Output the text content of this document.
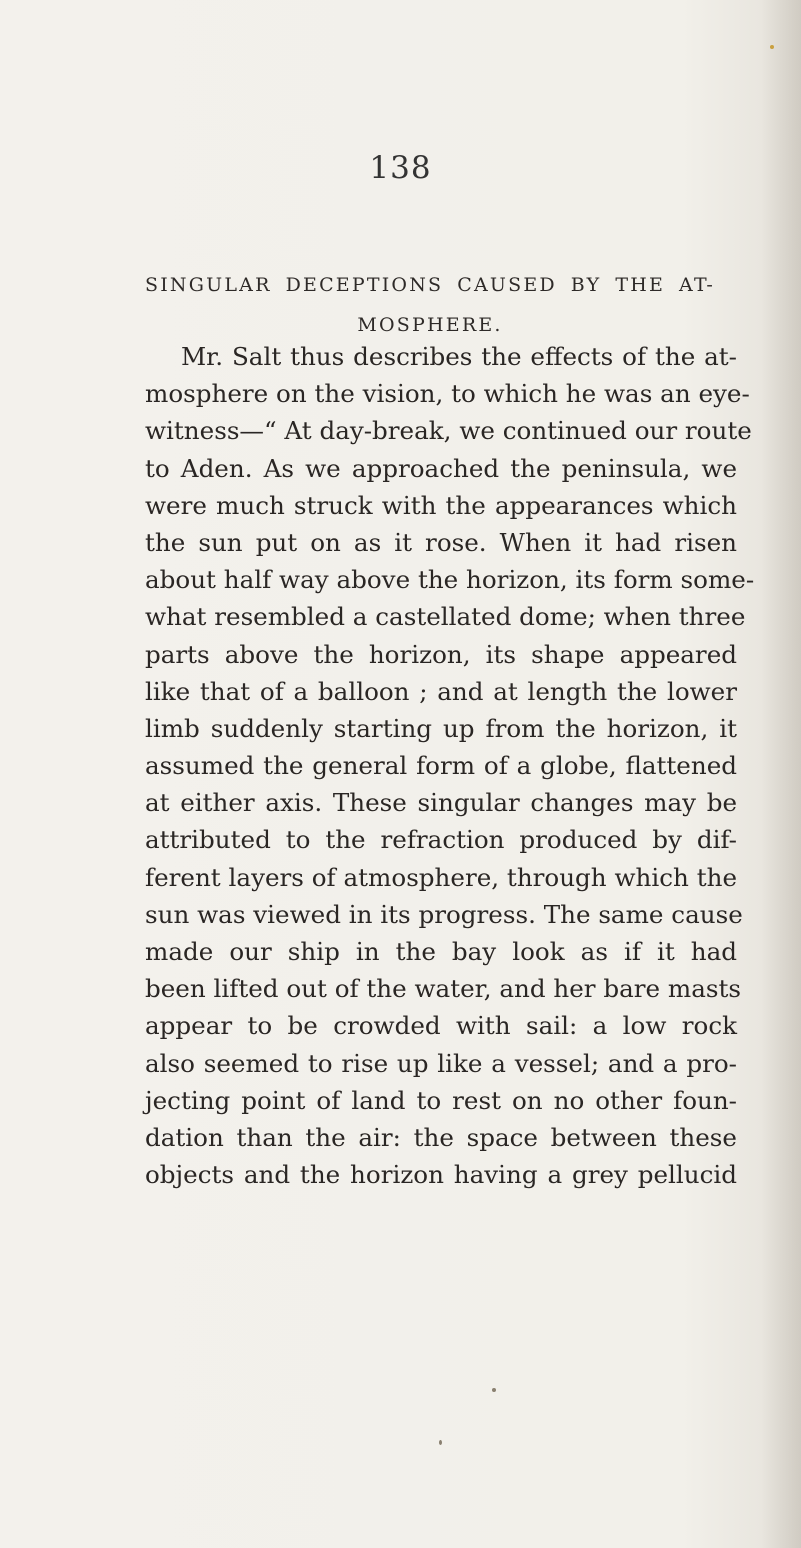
138
SINGULAR DECEPTIONS CAUSED BY THE AT-
MOSPHERE.
Mr. Salt thus describes the effects of the at-
mosphere on the vision, to which he was an eye-
witness—“ At day-break, we continued our route
to Aden. As we approached the peninsula, we
were much struck with the appearances which
the sun put on as it rose. When it had risen
about half way above the horizon, its form some-
what resembled a castellated dome; when three
parts above the horizon, its shape appeared
like that of a balloon ; and at length the lower
limb suddenly starting up from the horizon, it
assumed the general form of a globe, flattened
at either axis. These singular changes may be
attributed to the refraction produced by dif-
ferent layers of atmosphere, through which the
sun was viewed in its progress. The same cause
made our ship in the bay look as if it had
been lifted out of the water, and her bare masts
appear to be crowded with sail: a low rock
also seemed to rise up like a vessel; and a pro-
jecting point of land to rest on no other foun-
dation than the air: the space between these
objects and the horizon having a grey pellucid
